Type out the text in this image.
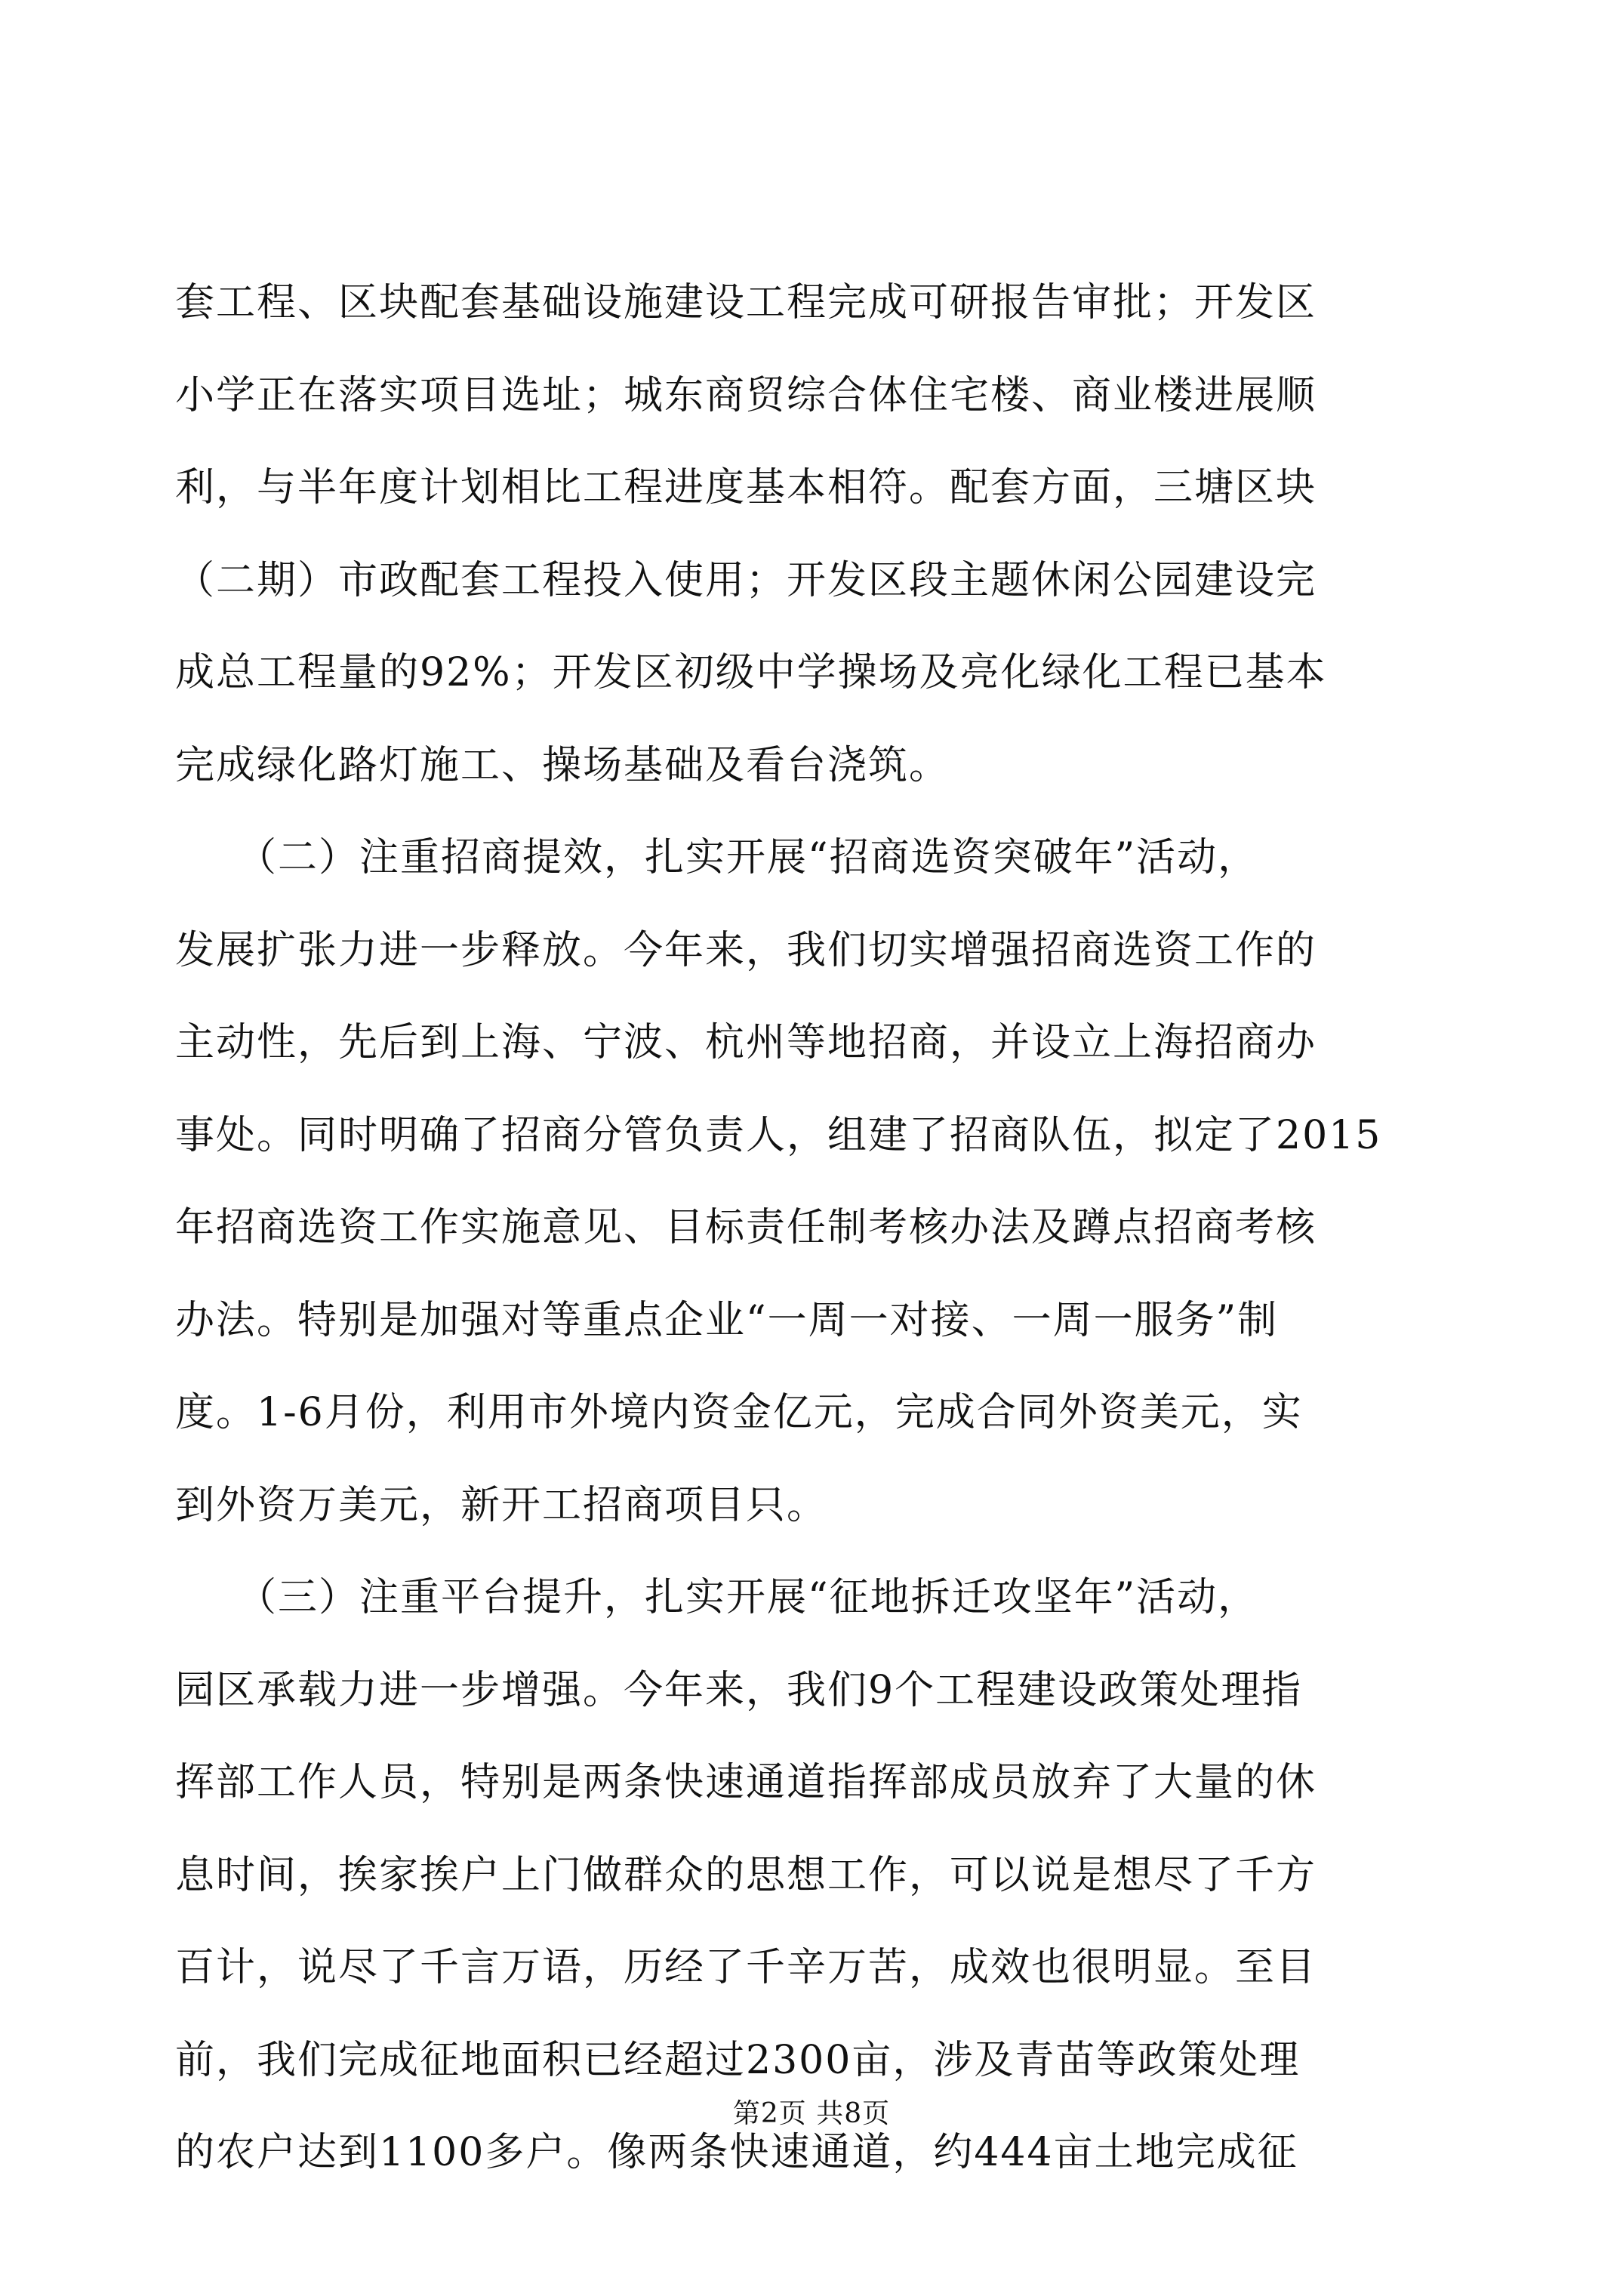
套工程、区块配套基础设施建设工程完成可研报告审批；开发区
小学正在落实项目选址；城东商贸综合体住宅楼、商业楼进展顺
利，与半年度计划相比工程进度基本相符。配套方面，三塘区块
（二期）市政配套工程投入使用；开发区段主题休闲公园建设完
成总工程量的92%；开发区初级中学操场及亮化绿化工程已基本
完成绿化路灯施工、操场基础及看台浇筑。
　　（二）注重招商提效，扎实开展“招商选资突破年”活动，
发展扩张力进一步释放。今年来，我们切实增强招商选资工作的
主动性，先后到上海、宁波、杭州等地招商，并设立上海招商办
事处。同时明确了招商分管负责人，组建了招商队伍，拟定了2015
年招商选资工作实施意见、目标责任制考核办法及蹲点招商考核
办法。特别是加强对等重点企业“一周一对接、一周一服务”制
度。1-6月份，利用市外境内资金亿元，完成合同外资美元，实
到外资万美元，新开工招商项目只。
　　（三）注重平台提升，扎实开展“征地拆迁攻坚年”活动，
园区承载力进一步增强。今年来，我们9个工程建设政策处理指
挥部工作人员，特别是两条快速通道指挥部成员放弃了大量的休
息时间，挨家挨户上门做群众的思想工作，可以说是想尽了千方
百计，说尽了千言万语，历经了千辛万苦，成效也很明显。至目
前，我们完成征地面积已经超过2300亩，涉及青苗等政策处理
的农户达到1100多户。像两条快速通道，约444亩土地完成征
第2页 共8页
